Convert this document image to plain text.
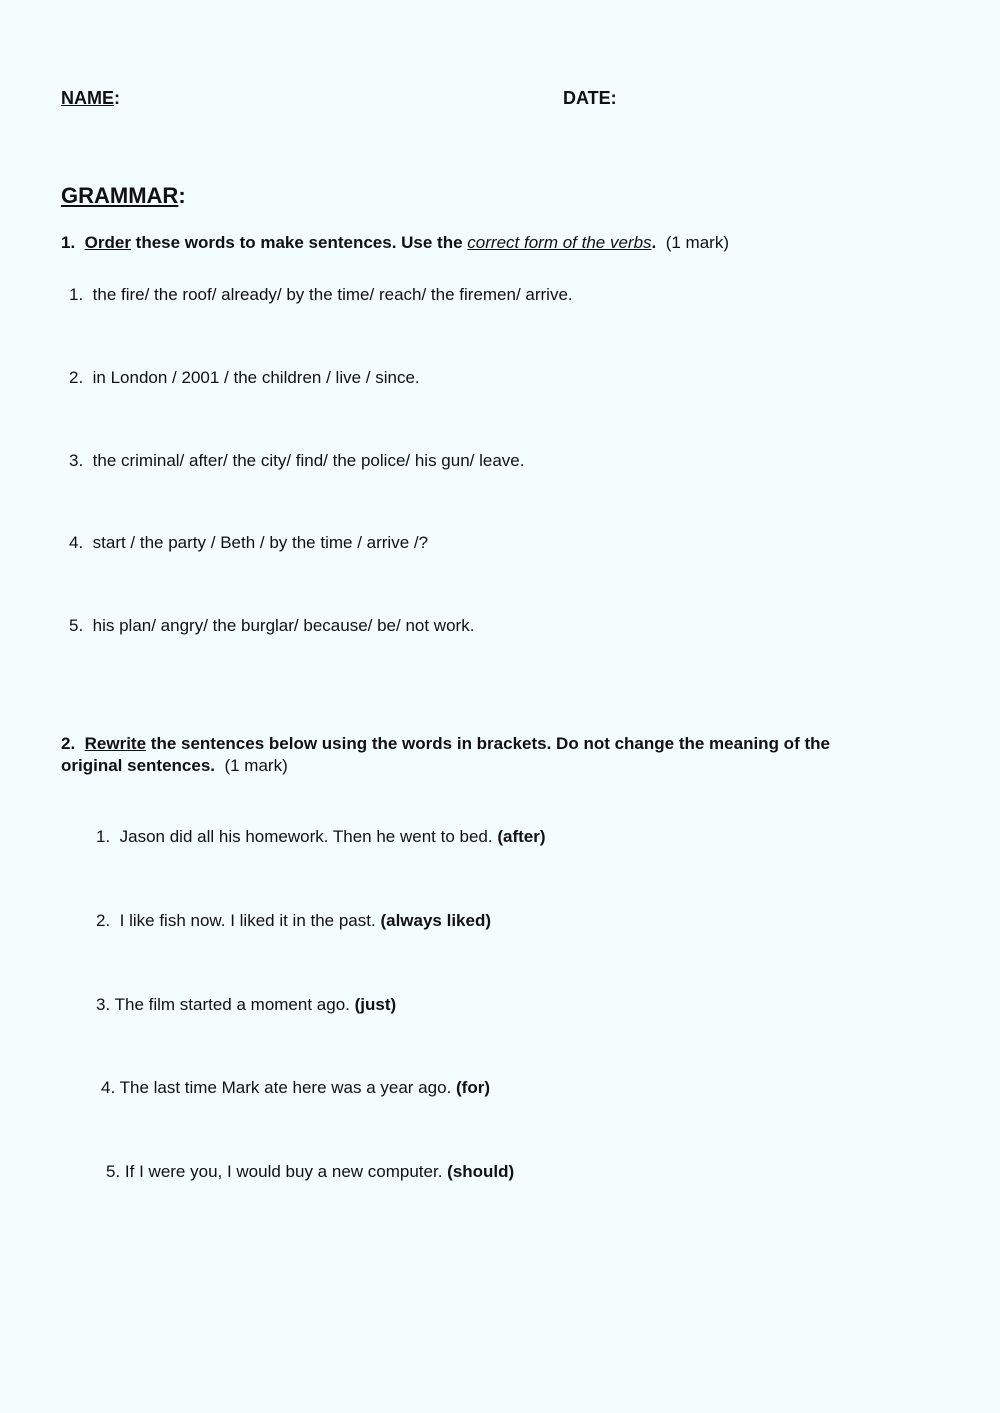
NAME:	DATE:
GRAMMAR:
1. Order these words to make sentences. Use the correct form of the verbs. (1 mark)
1. the fire/ the roof/ already/ by the time/ reach/ the firemen/ arrive.
2. in London / 2001 / the children / live / since.
3. the criminal/ after/ the city/ find/ the police/ his gun/ leave.
4. start / the party / Beth / by the time / arrive /?
5. his plan/ angry/ the burglar/ because/ be/ not work.
2. Rewrite the sentences below using the words in brackets. Do not change the meaning of the
original sentences. (1 mark)
1. Jason did all his homework. Then he went to bed. (after)
2. I like fish now. I liked it in the past. (always liked)
3. The film started a moment ago. (just)
4. The last time Mark ate here was a year ago. (for)
5. If I were you, I would buy a new computer. (should)
